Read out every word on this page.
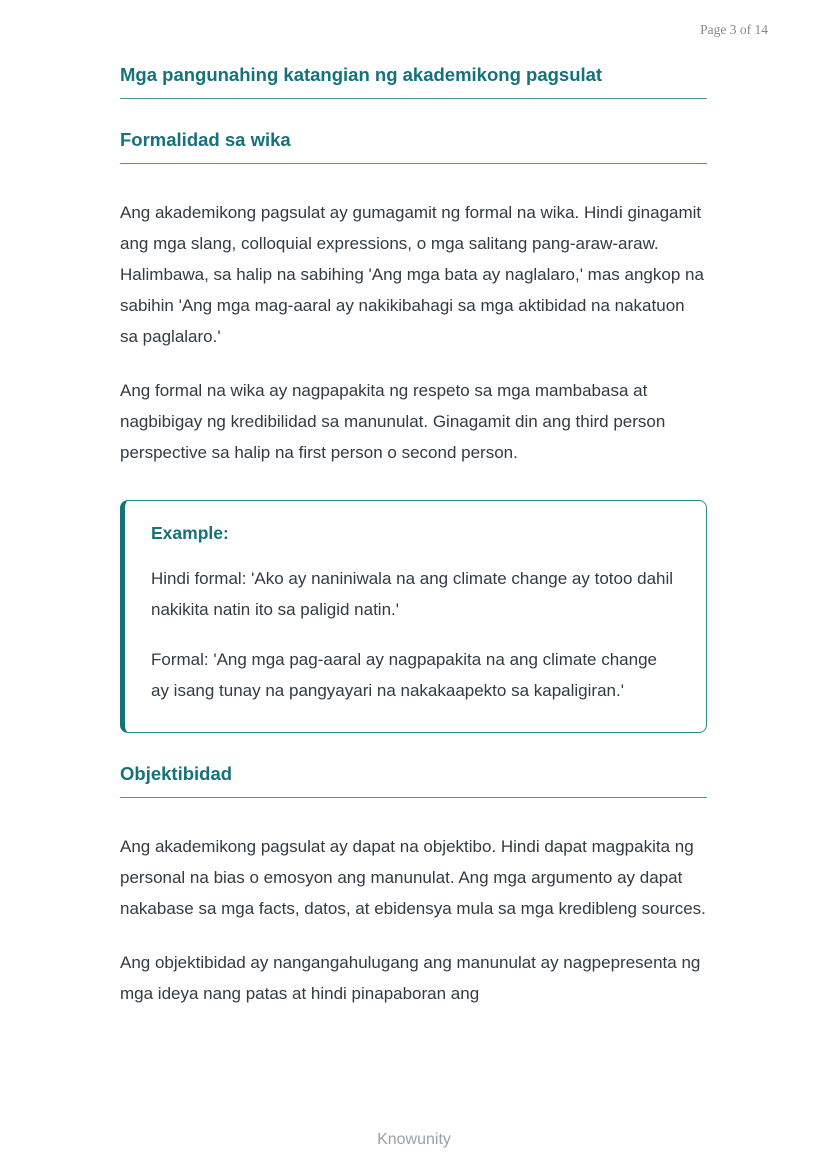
Page 3 of 14
Mga pangunahing katangian ng akademikong pagsulat
Formalidad sa wika

Ang akademikong pagsulat ay gumagamit ng formal na wika. Hindi ginagamit ang mga slang, colloquial expressions, o mga salitang pang-araw-araw. Halimbawa, sa halip na sabihing 'Ang mga bata ay naglalaro,' mas angkop na sabihin 'Ang mga mag-aaral ay nakikibahagi sa mga aktibidad na nakatuon sa paglalaro.'

Ang formal na wika ay nagpapakita ng respeto sa mga mambabasa at nagbibigay ng kredibilidad sa manunulat. Ginagamit din ang third person perspective sa halip na first person o second person.

Example:

Hindi formal: 'Ako ay naniniwala na ang climate change ay totoo dahil nakikita natin ito sa paligid natin.'

Formal: 'Ang mga pag-aaral ay nagpapakita na ang climate change ay isang tunay na pangyayari na nakakaapekto sa kapaligiran.'

Objektibidad

Ang akademikong pagsulat ay dapat na objektibo. Hindi dapat magpakita ng personal na bias o emosyon ang manunulat. Ang mga argumento ay dapat nakabase sa mga facts, datos, at ebidensya mula sa mga kredibleng sources.

Ang objektibidad ay nangangahulugang ang manunulat ay nagpepresenta ng mga ideya nang patas at hindi pinapaboran ang

Knowunity
